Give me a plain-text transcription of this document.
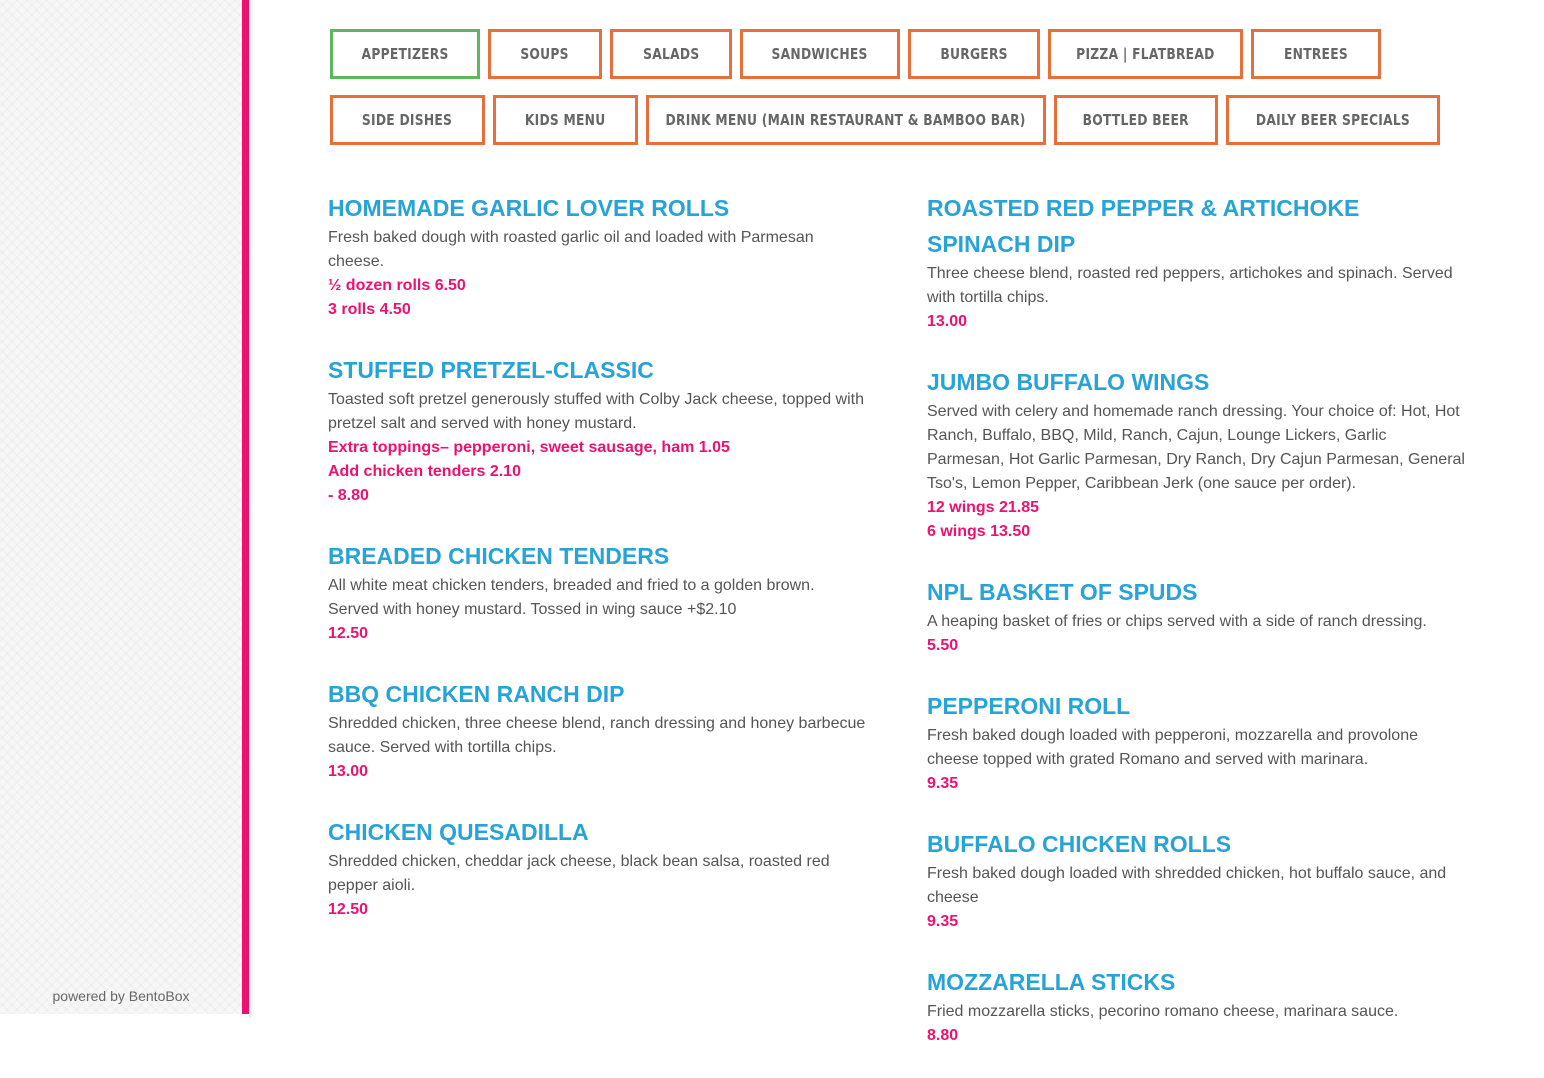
powered by BentoBox
APPETIZERS	SOUPS	SALADS	SANDWICHES	BURGERS	PIZZA | FLATBREAD	ENTREES
SIDE DISHES	KIDS MENU	DRINK MENU (MAIN RESTAURANT & BAMBOO BAR)	BOTTLED BEER	DAILY BEER SPECIALS
HOMEMADE GARLIC LOVER ROLLS

Fresh baked dough with roasted garlic oil and loaded with Parmesan cheese.

½ dozen rolls 6.50

3 rolls 4.50

STUFFED PRETZEL-CLASSIC

Toasted soft pretzel generously stuffed with Colby Jack cheese, topped with pretzel salt and served with honey mustard.

Extra toppings– pepperoni, sweet sausage, ham 1.05

Add chicken tenders 2.10

- 8.80

BREADED CHICKEN TENDERS

All white meat chicken tenders, breaded and fried to a golden brown. Served with honey mustard. Tossed in wing sauce +$2.10

12.50

BBQ CHICKEN RANCH DIP

Shredded chicken, three cheese blend, ranch dressing and honey barbecue sauce. Served with tortilla chips.

13.00

CHICKEN QUESADILLA

Shredded chicken, cheddar jack cheese, black bean salsa, roasted red pepper aioli.

12.50

ROASTED RED PEPPER & ARTICHOKE SPINACH DIP

Three cheese blend, roasted red peppers, artichokes and spinach. Served with tortilla chips.

13.00

JUMBO BUFFALO WINGS

Served with celery and homemade ranch dressing. Your choice of: Hot, Hot Ranch, Buffalo, BBQ, Mild, Ranch, Cajun, Lounge Lickers, Garlic Parmesan, Hot Garlic Parmesan, Dry Ranch, Dry Cajun Parmesan, General Tso's, Lemon Pepper, Caribbean Jerk (one sauce per order).

12 wings 21.85

6 wings 13.50

NPL BASKET OF SPUDS

A heaping basket of fries or chips served with a side of ranch dressing.

5.50

PEPPERONI ROLL

Fresh baked dough loaded with pepperoni, mozzarella and provolone cheese topped with grated Romano and served with marinara.

9.35

BUFFALO CHICKEN ROLLS

Fresh baked dough loaded with shredded chicken, hot buffalo sauce, and cheese

9.35

MOZZARELLA STICKS

Fried mozzarella sticks, pecorino romano cheese, marinara sauce.

8.80
